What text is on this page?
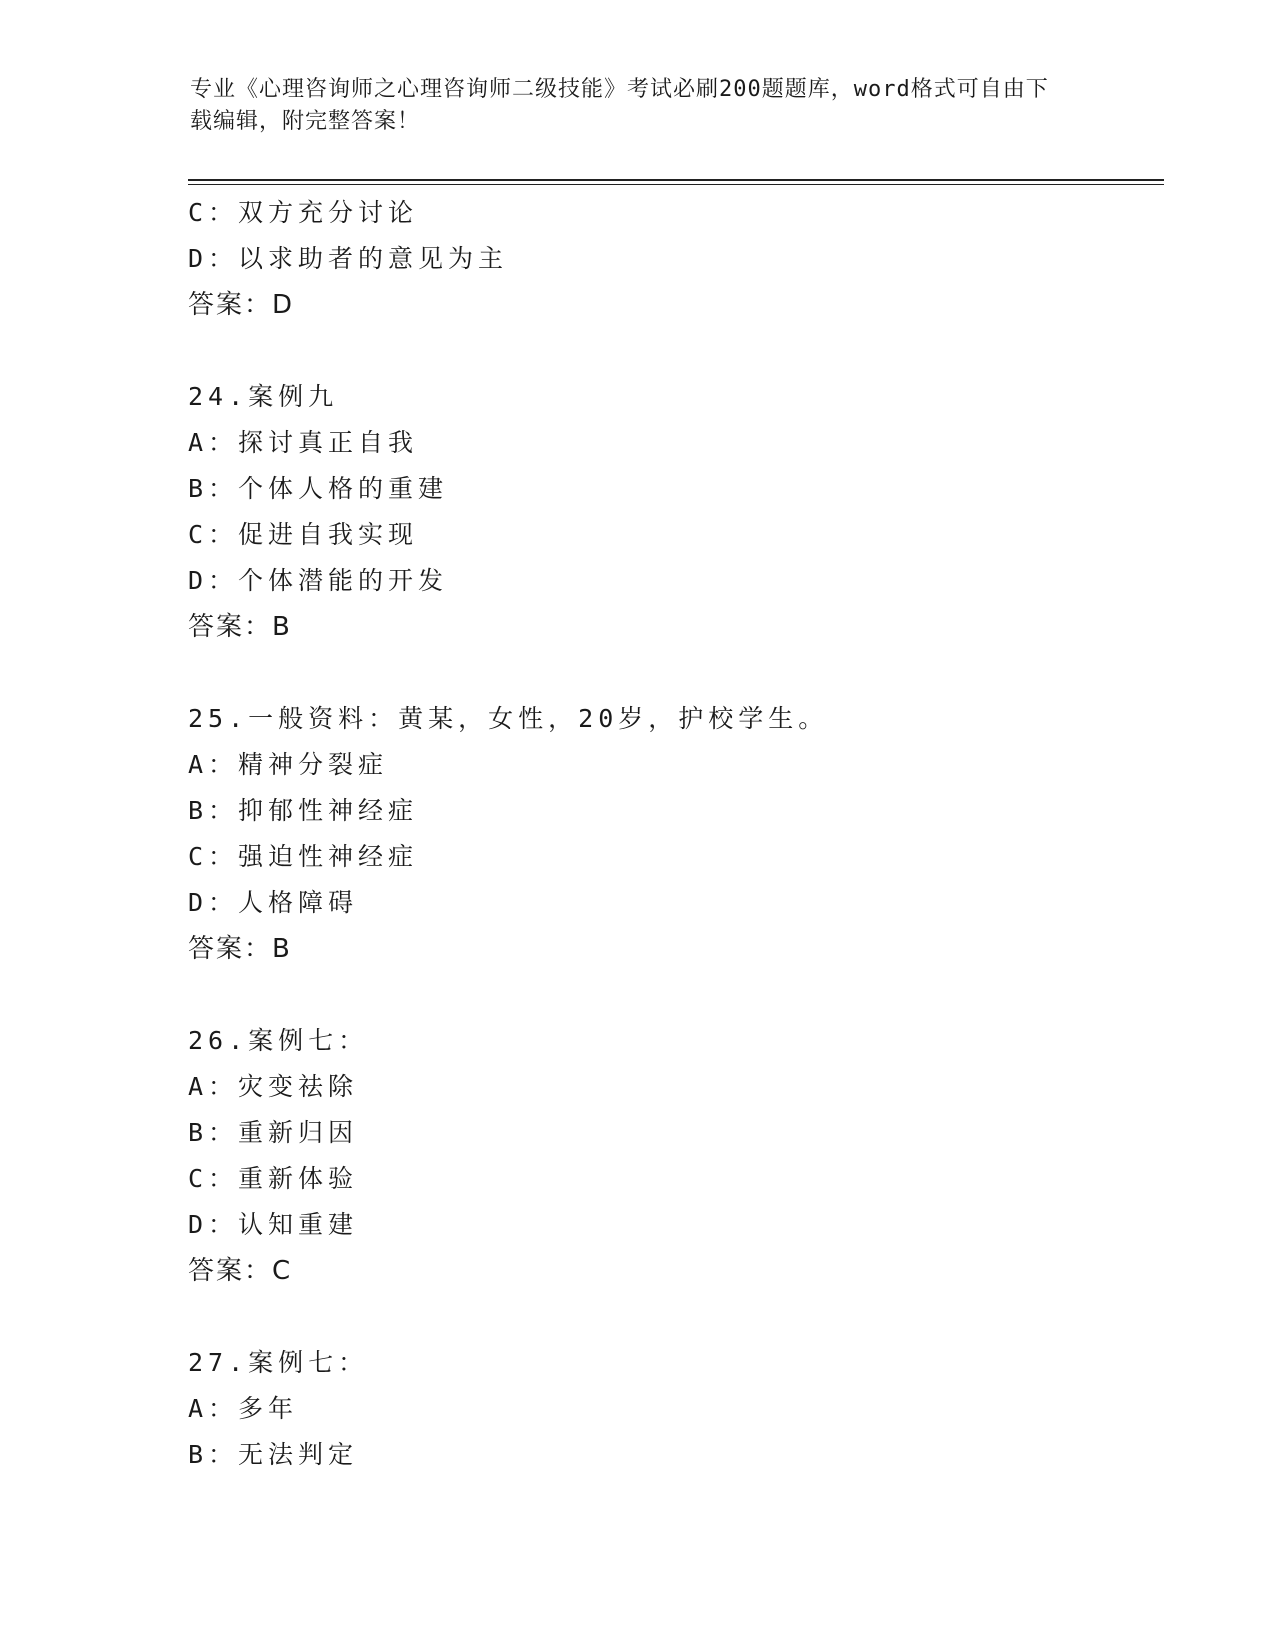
专业《心理咨询师之心理咨询师二级技能》考试必刷200题题库，word格式可自由下载编辑，附完整答案！
C：双方充分讨论
D：以求助者的意见为主
答案：D
24.案例九
A：探讨真正自我
B：个体人格的重建
C：促进自我实现
D：个体潜能的开发
答案：B
25.一般资料：黄某，女性，20岁，护校学生。
A：精神分裂症
B：抑郁性神经症
C：强迫性神经症
D：人格障碍
答案：B
26.案例七：
A：灾变祛除
B：重新归因
C：重新体验
D：认知重建
答案：C
27.案例七：
A：多年
B：无法判定
